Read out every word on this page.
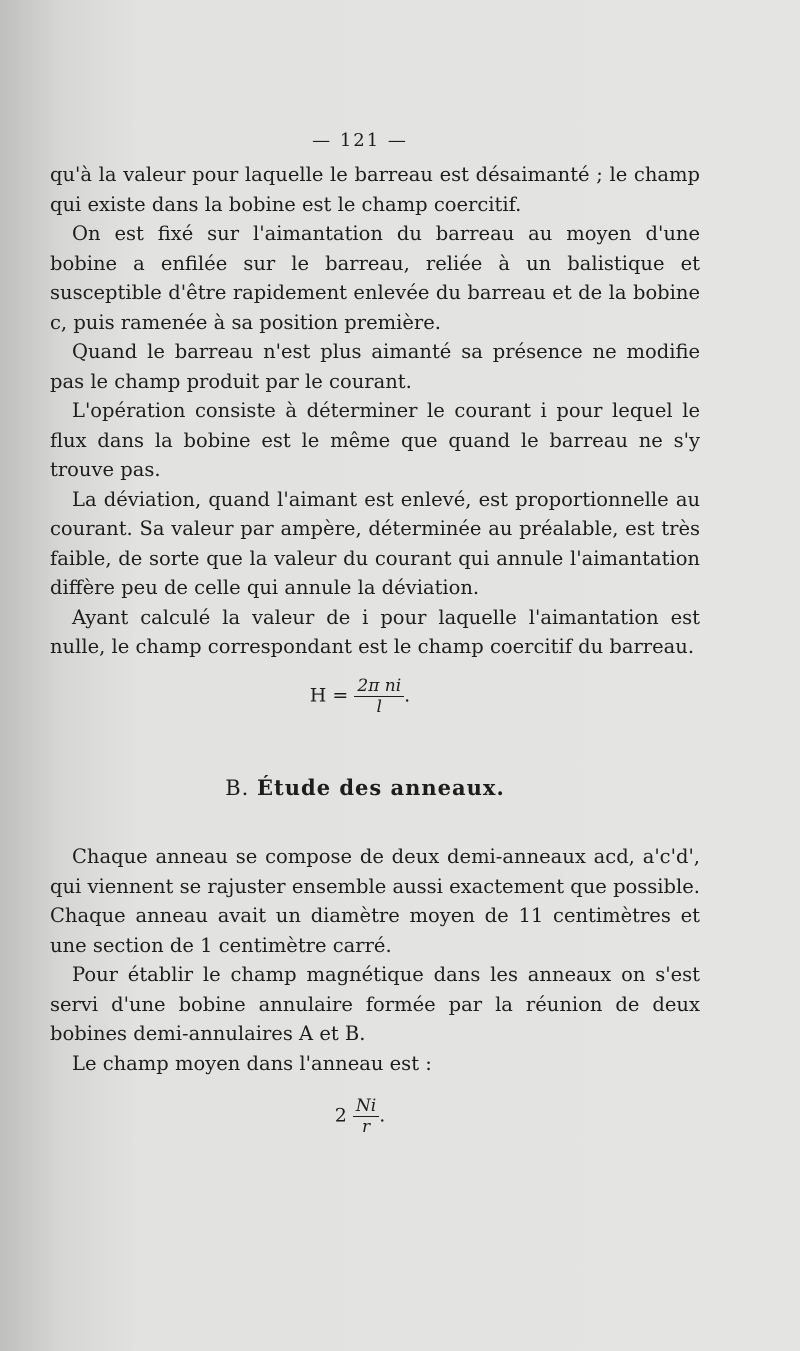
— 121 —

qu'à la valeur pour laquelle le barreau est désaimanté ; le champ qui existe dans la bobine est le champ coercitif.

On est fixé sur l'aimantation du barreau au moyen d'une bobine a enfilée sur le barreau, reliée à un balistique et susceptible d'être rapidement enlevée du barreau et de la bobine c, puis ramenée à sa position première.

Quand le barreau n'est plus aimanté sa présence ne modifie pas le champ produit par le courant.

L'opération consiste à déterminer le courant i pour lequel le flux dans la bobine est le même que quand le barreau ne s'y trouve pas.

La déviation, quand l'aimant est enlevé, est proportionnelle au courant. Sa valeur par ampère, déterminée au préalable, est très faible, de sorte que la valeur du courant qui annule l'aimantation diffère peu de celle qui annule la déviation.

Ayant calculé la valeur de i pour laquelle l'aimantation est nulle, le champ correspondant est le champ coercitif du barreau.

$H = \frac{\text{2π ni}}{l}$ .
B. Étude des anneaux.

Chaque anneau se compose de deux demi-anneaux acd, a'c'd', qui viennent se rajuster ensemble aussi exactement que possible. Chaque anneau avait un diamètre moyen de 11 centimètres et une section de 1 centimètre carré.

Pour établir le champ magnétique dans les anneaux on s'est servi d'une bobine annulaire formée par la réunion de deux bobines demi-annulaires A et B.

Le champ moyen dans l'anneau est :

$2 \frac{Ni}{r}$ .
